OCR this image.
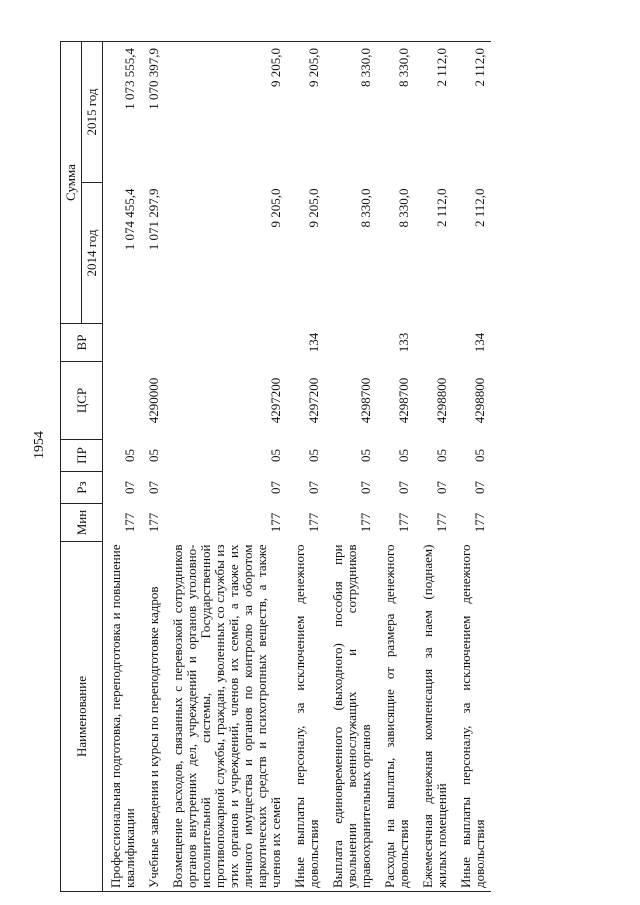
1954
Наименование	Мин	Рз	ПР	ЦСР	ВР	Сумма	
						2014 год	2015 год
Профессиональная подготовка, переподготовка и повышение квалификации	177	07	05			1 074 455,4	1 073 555,4
Учебные заведения и курсы по переподготовке кадров	177	07	05	4290000		1 071 297,9	1 070 397,9
Возмещение расходов, связанных с перевозкой сотрудников органов внутренних дел, учреждений и органов уголовно-исполнительной системы, Государственной противопожарной службы, граждан, уволенных со службы из этих органов и учреждений, членов их семей, а также их личного имущества и органов по контролю за оборотом наркотических средств и психотропных веществ, а также членов их семей	177	07	05	4297200		9 205,0	9 205,0
Иные выплаты персоналу, за исключением денежного довольствия	177	07	05	4297200	134	9 205,0	9 205,0
Выплата единовременного (выходного) пособия при увольнении военнослужащих и сотрудников правоохранительных органов	177	07	05	4298700		8 330,0	8 330,0
Расходы на выплаты, зависящие от размера денежного довольствия	177	07	05	4298700	133	8 330,0	8 330,0
Ежемесячная денежная компенсация за наем (поднаем) жилых помещений	177	07	05	4298800		2 112,0	2 112,0
Иные выплаты персоналу, за исключением денежного довольствия	177	07	05	4298800	134	2 112,0	2 112,0
